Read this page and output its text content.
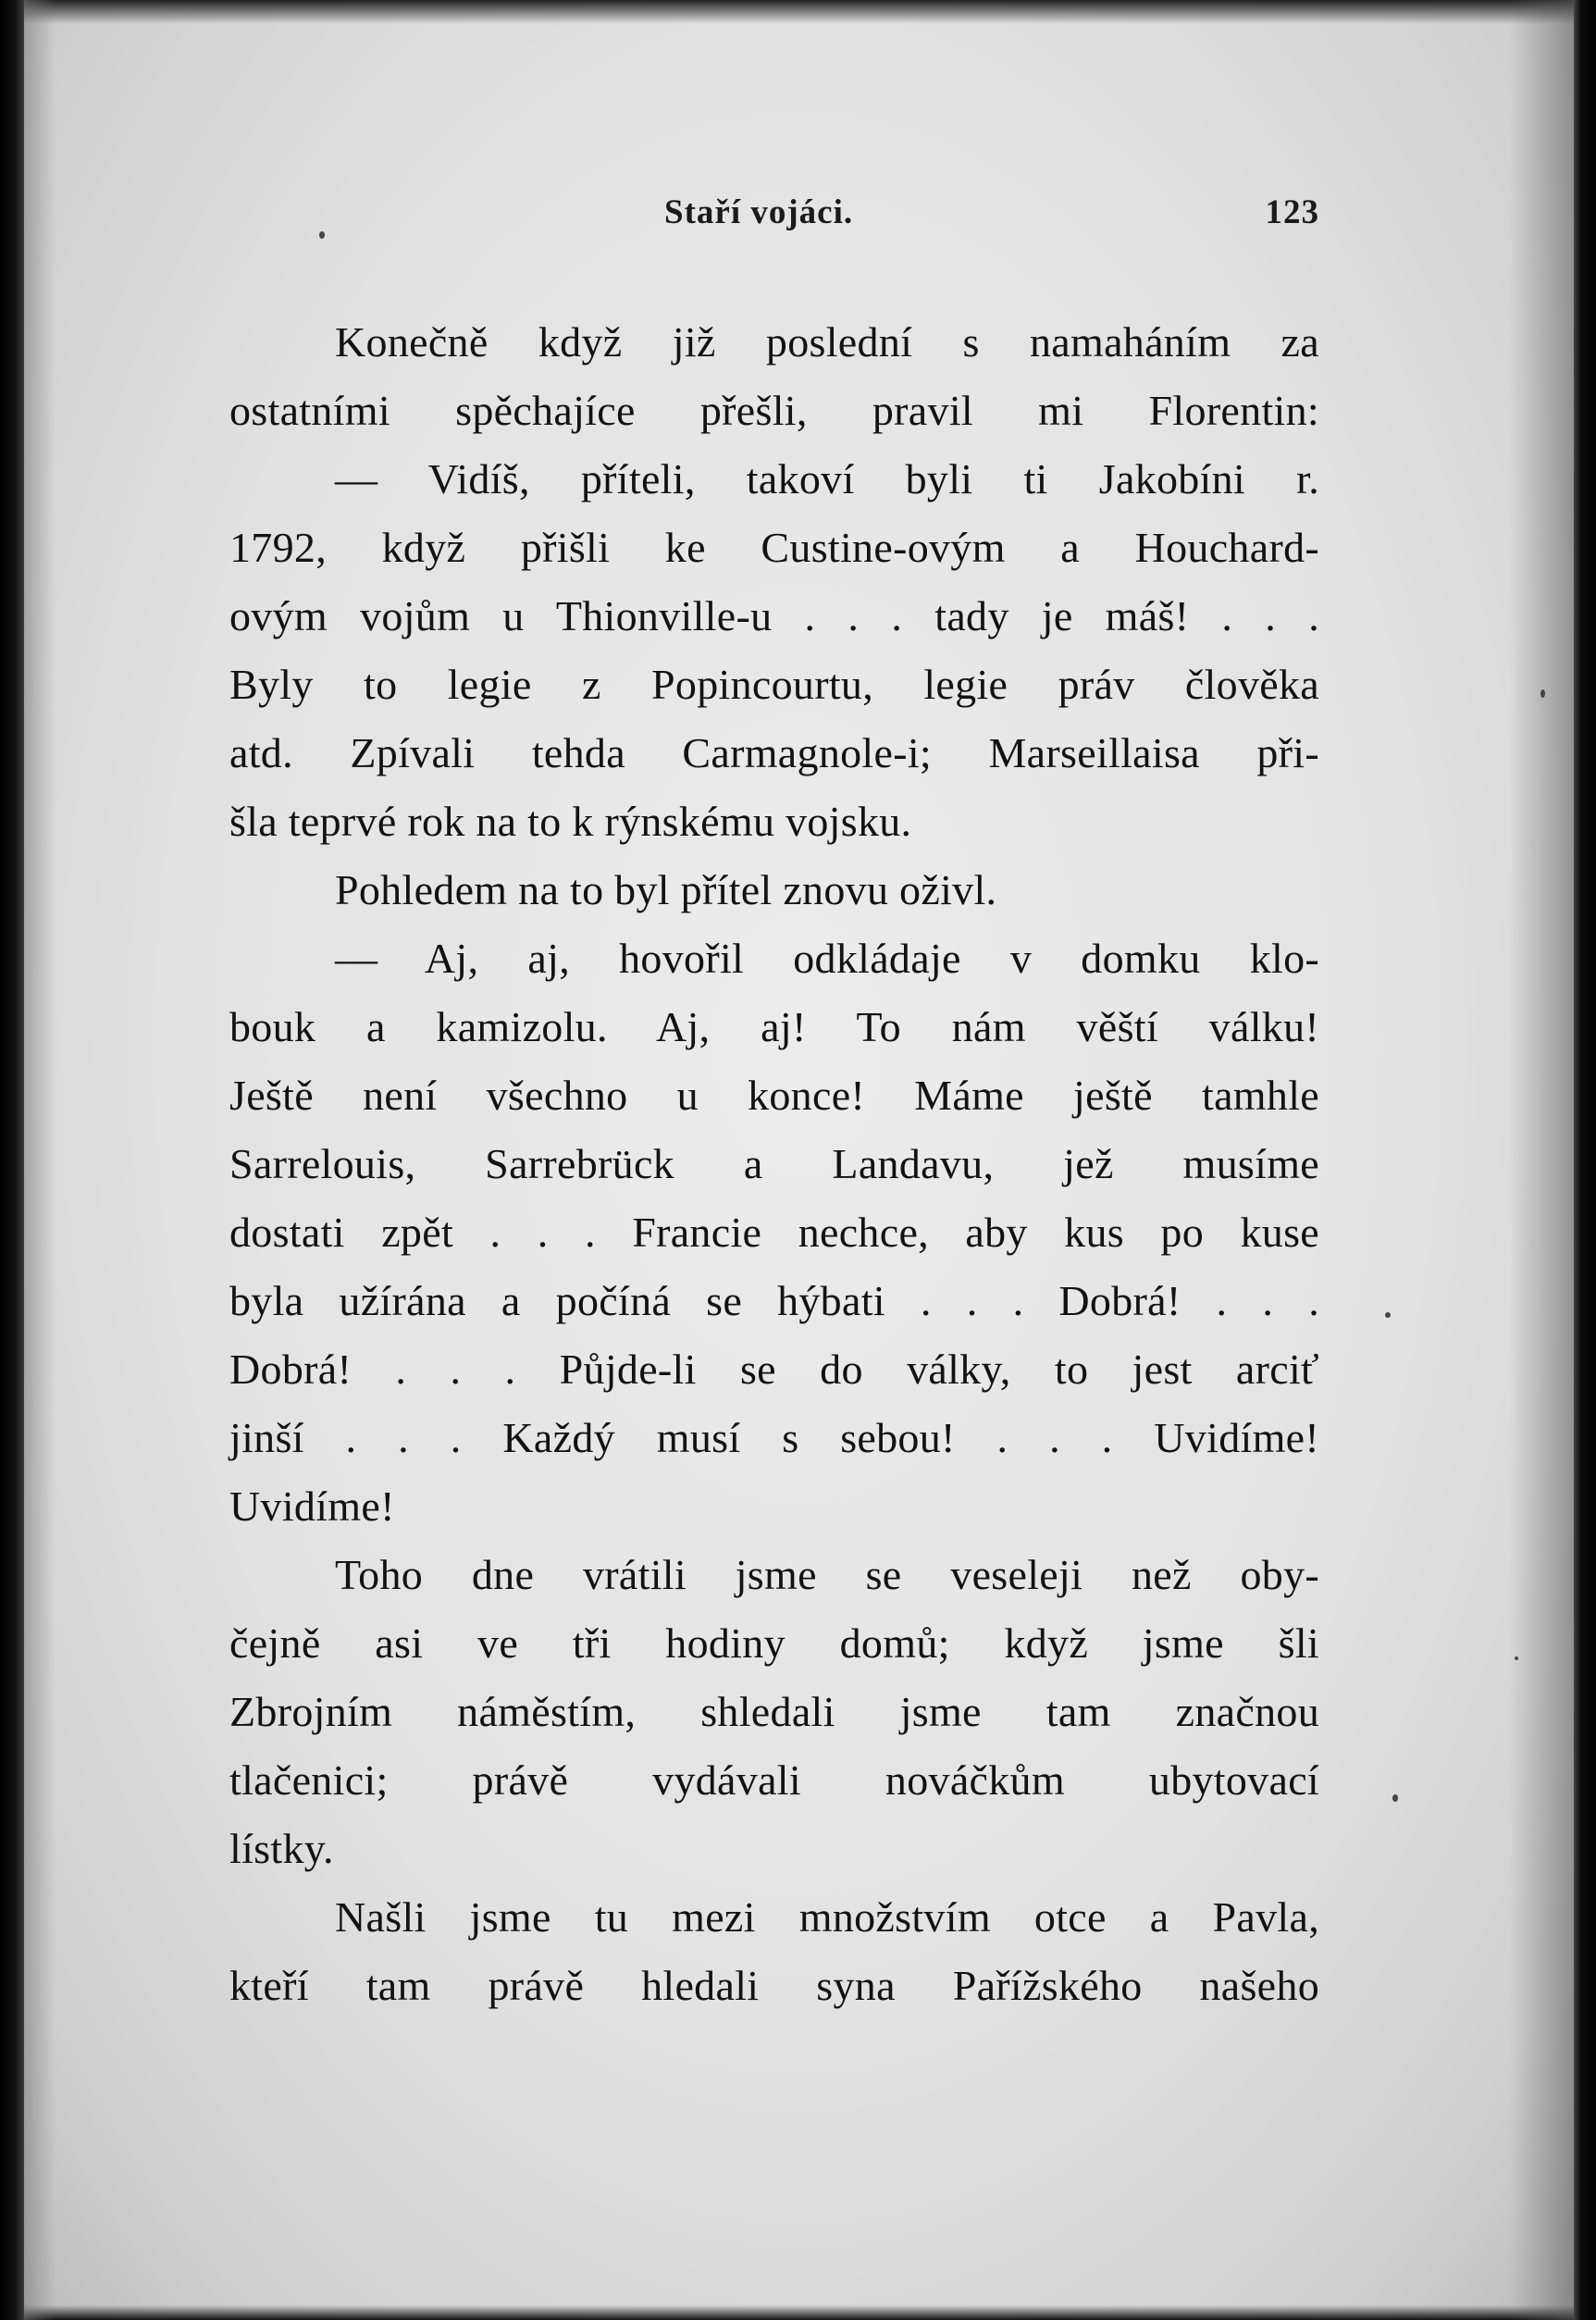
Staří vojáci.	123
Konečně když již poslední s namaháním za
ostatními spěchajíce přešli, pravil mi Florentin:
— Vidíš, příteli, takoví byli ti Jakobíni r.
1792, když přišli ke Custine-ovým a Houchard-
ovým vojům u Thionville-u . . . tady je máš! . . .
Byly to legie z Popincourtu, legie práv člověka
atd. Zpívali tehda Carmagnole-i; Marseillaisa při-
šla teprvé rok na to k rýnskému vojsku.
Pohledem na to byl přítel znovu oživl.
— Aj, aj, hovořil odkládaje v domku klo-
bouk a kamizolu. Aj, aj! To nám věští válku!
Ještě není všechno u konce! Máme ještě tamhle
Sarrelouis, Sarrebrück a Landavu, jež musíme
dostati zpět . . . Francie nechce, aby kus po kuse
byla užírána a počíná se hýbati . . . Dobrá! . . .
Dobrá! . . . Půjde-li se do války, to jest arciť
jinší . . . Každý musí s sebou! . . . Uvidíme!
Uvidíme!
Toho dne vrátili jsme se veseleji než oby-
čejně asi ve tři hodiny domů; když jsme šli
Zbrojním náměstím, shledali jsme tam značnou
tlačenici; právě vydávali nováčkům ubytovací
lístky.
Našli jsme tu mezi množstvím otce a Pavla,
kteří tam právě hledali syna Pařížského našeho
